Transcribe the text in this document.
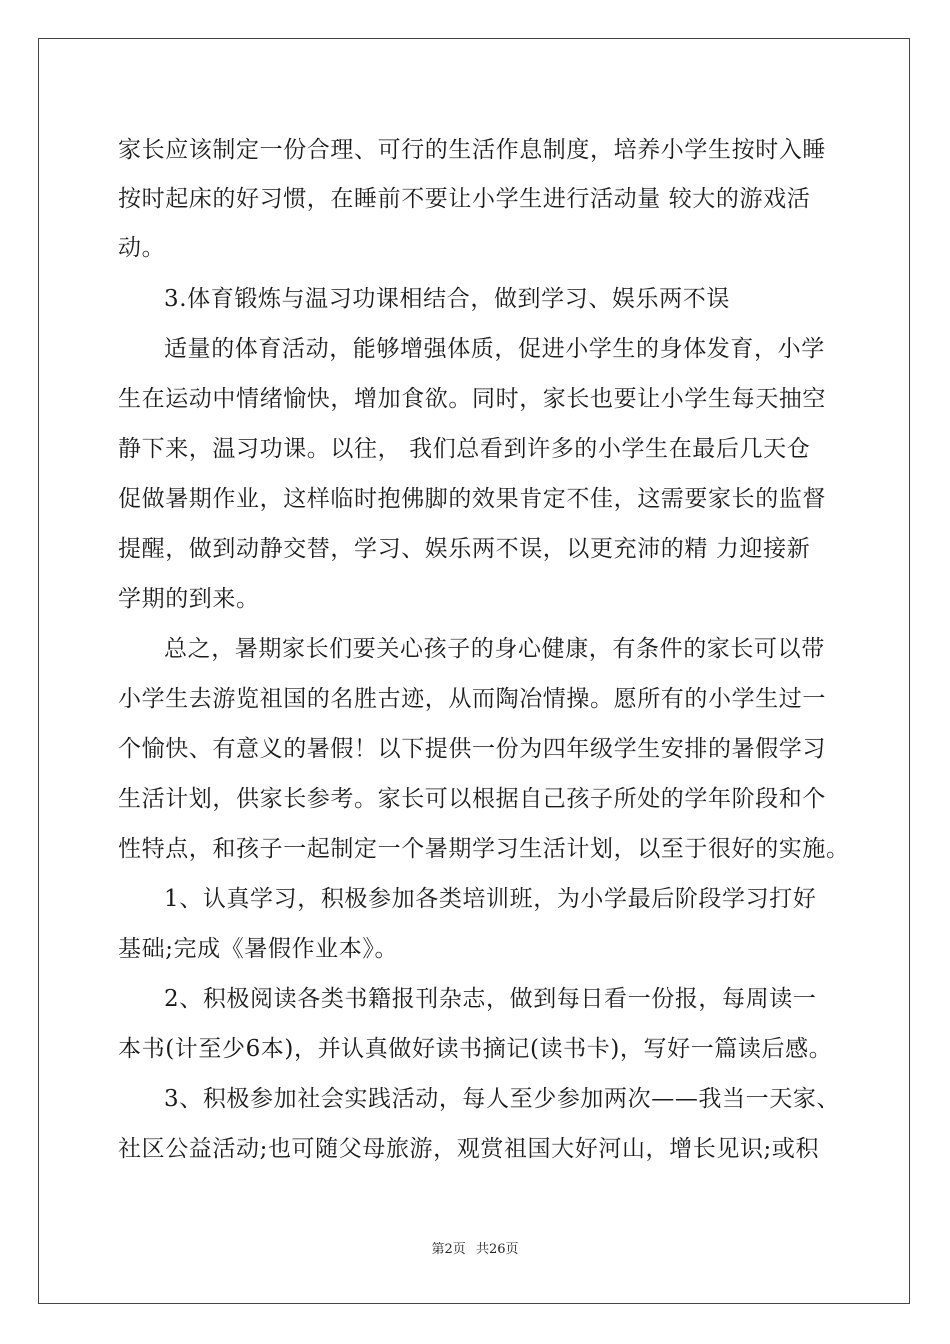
家长应该制定一份合理、可行的生活作息制度，培养小学生按时入睡
按时起床的好习惯，在睡前不要让小学生进行活动量 较大的游戏活
动。
3.体育锻炼与温习功课相结合，做到学习、娱乐两不误
适量的体育活动，能够增强体质，促进小学生的身体发育，小学
生在运动中情绪愉快，增加食欲。同时，家长也要让小学生每天抽空
静下来，温习功课。以往， 我们总看到许多的小学生在最后几天仓
促做暑期作业，这样临时抱佛脚的效果肯定不佳，这需要家长的监督
提醒，做到动静交替，学习、娱乐两不误，以更充沛的精 力迎接新
学期的到来。
总之，暑期家长们要关心孩子的身心健康，有条件的家长可以带
小学生去游览祖国的名胜古迹，从而陶冶情操。愿所有的小学生过一
个愉快、有意义的暑假！以下提供一份为四年级学生安排的暑假学习
生活计划，供家长参考。家长可以根据自己孩子所处的学年阶段和个
性特点，和孩子一起制定一个暑期学习生活计划，以至于很好的实施。
1、认真学习，积极参加各类培训班，为小学最后阶段学习打好
基础;完成《暑假作业本》。
2、积极阅读各类书籍报刊杂志，做到每日看一份报，每周读一
本书(计至少6本)，并认真做好读书摘记(读书卡)，写好一篇读后感。
3、积极参加社会实践活动，每人至少参加两次——我当一天家、
社区公益活动;也可随父母旅游，观赏祖国大好河山，增长见识;或积
第2页 共26页
